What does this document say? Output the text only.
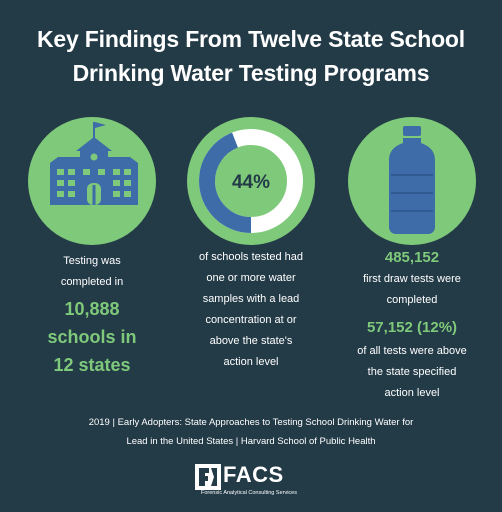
Key Findings From Twelve State School
Drinking Water Testing Programs
44%
Testing was
completed in
10,888
schools in
12 states
of schools tested had
one or more water
samples with a lead
concentration at or
above the state's
action level
485,152
first draw tests were
completed
57,152 (12%)
of all tests were above
the state specified
action level
2019 | Early Adopters: State Approaches to Testing School Drinking Water for
Lead in the United States | Harvard School of Public Health
FACS
Forensic Analytical Consulting Services
